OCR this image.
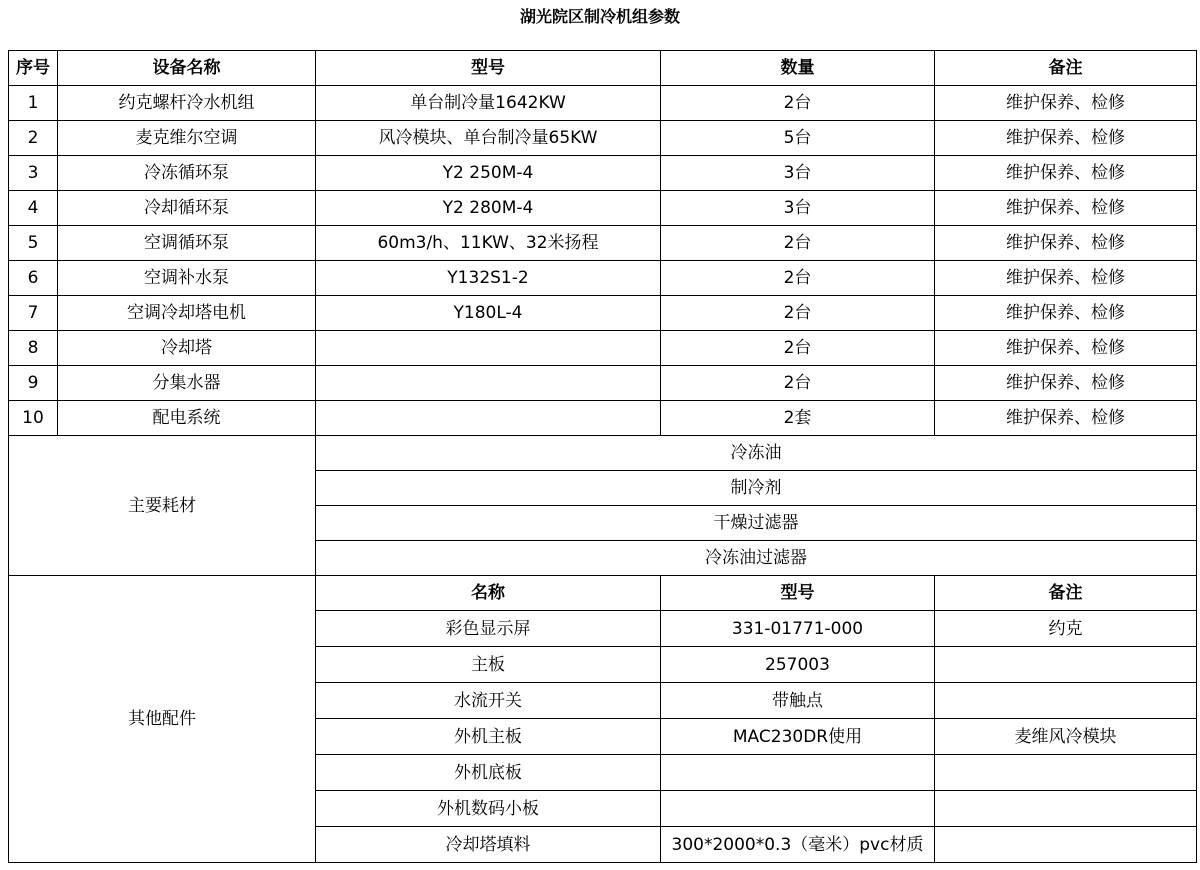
湖光院区制冷机组参数
序号	设备名称	型号	数量	备注
1	约克螺杆冷水机组	单台制冷量1642KW	2台	维护保养、检修
2	麦克维尔空调	风冷模块、单台制冷量65KW	5台	维护保养、检修
3	冷冻循环泵	Y2 250M-4	3台	维护保养、检修
4	冷却循环泵	Y2 280M-4	3台	维护保养、检修
5	空调循环泵	60m3/h、11KW、32米扬程	2台	维护保养、检修
6	空调补水泵	Y132S1-2	2台	维护保养、检修
7	空调冷却塔电机	Y180L-4	2台	维护保养、检修
8	冷却塔		2台	维护保养、检修
9	分集水器		2台	维护保养、检修
10	配电系统		2套	维护保养、检修
主要耗材		冷冻油		
		制冷剂		
		干燥过滤器		
		冷冻油过滤器		
其他配件		名称	型号	备注
		彩色显示屏	331-01771-000	约克
		主板	257003	
		水流开关	带触点	
		外机主板	MAC230DR使用	麦维风冷模块
		外机底板		
		外机数码小板		
		冷却塔填料	300*2000*0.3（毫米）pvc材质	
